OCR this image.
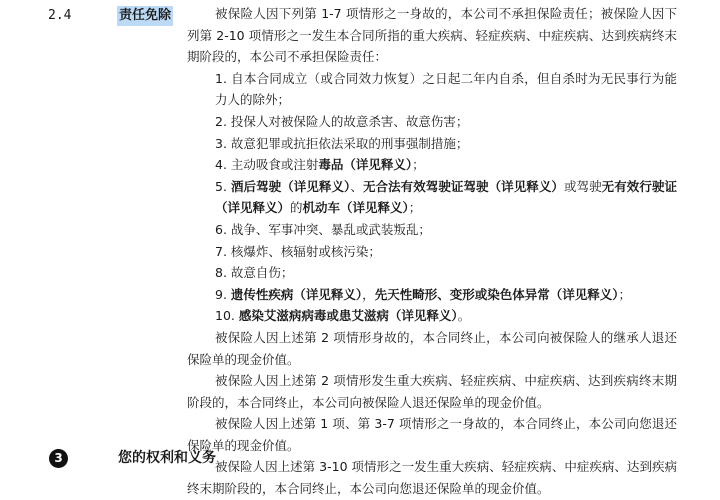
2.4	责任免除	被保险人因下列第 1-7 项情形之一身故的，本公司不承担保险责任；被保险人因下列第 2-10 项情形之一发生本合同所指的重大疾病、轻症疾病、中症疾病、达到疾病终末期阶段的，本公司不承担保险责任：

1. 自本合同成立（或合同效力恢复）之日起二年内自杀，但自杀时为无民事行为能力人的除外；

2. 投保人对被保险人的故意杀害、故意伤害；

3. 故意犯罪或抗拒依法采取的刑事强制措施；

4. 主动吸食或注射毒品（详见释义）；

5. 酒后驾驶（详见释义）、无合法有效驾驶证驾驶（详见释义）或驾驶无有效行驶证（详见释义）的机动车（详见释义）；

6. 战争、军事冲突、暴乱或武装叛乱；

7. 核爆炸、核辐射或核污染；

8. 故意自伤；

9. 遗传性疾病（详见释义），先天性畸形、变形或染色体异常（详见释义）；

10. 感染艾滋病病毒或患艾滋病（详见释义）。

被保险人因上述第 2 项情形身故的，本合同终止，本公司向被保险人的继承人退还保险单的现金价值。

被保险人因上述第 2 项情形发生重大疾病、轻症疾病、中症疾病、达到疾病终末期阶段的，本合同终止，本公司向被保险人退还保险单的现金价值。

被保险人因上述第 1 项、第 3-7 项情形之一身故的，本合同终止，本公司向您退还保险单的现金价值。

被保险人因上述第 3-10 项情形之一发生重大疾病、轻症疾病、中症疾病、达到疾病终末期阶段的，本合同终止，本公司向您退还保险单的现金价值。

3	您的权利和义务
